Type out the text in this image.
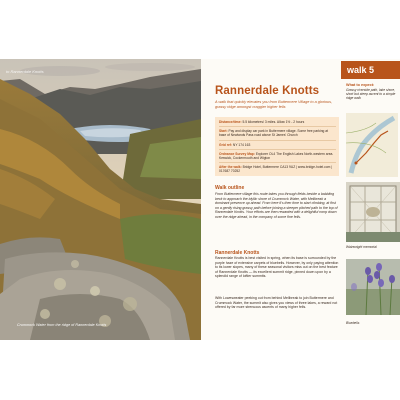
to Rannerdale Knotts
Crummock Water from the ridge of Rannerdale Knotts
walk 5
Rannerdale Knotts
A walk that quickly elevates you from Buttermere Village to a glorious, grassy ridge amongst craggier higher fells
Distance/time: 5.5 kilometres/ 3 miles. Allow 1½ - 2 hours
Start: Pay and display car park in Buttermere village. Some free parking at base of Newlands Pass road above St James' Church
Grid ref: NY 174 163
Ordnance Survey Map: Explorer OL4 The English Lakes North-western area. Keswick, Cockermouth and Wigton
After the walk: Bridge Hotel, Buttermere CA13 9UZ | www.bridge-hotel.com | 017687 70252
Walk outline
From Buttermere village this route takes you through fields beside a babbling beck to approach the idyllic shore of Crummock Water, with Mellbreak a dominant presence up ahead. From here it's then time to start climbing, at first on a gently rising grassy path before joining a steeper pitched path to the top of Rannerdale Knotts. Your efforts are then rewarded with a delightful romp down over the ridge ahead, in the company of some fine fells.
Rannerdale Knotts
Rannerdale Knotts is best visited in spring, when its base is surrounded by the purple haze of extensive carpets of bluebells. However, by only paying attention to its lower slopes, many of these seasonal visitors miss out on the best feature of Rannerdale Knotts — its excellent summit ridge, pinned down upon by a splendid range of loftier summits.
With Lowesweater peeking out from behind Mellbreak to join Buttermere and Crummock Water, the summit also gives you views of three lakes, a reward not offered by far more strenuous ascents of many higher fells.
What to expect:
Grassy riverside path, lake shore, short but steep ascent to a simple ridge walk
Wainwright memorial
Bluebells
